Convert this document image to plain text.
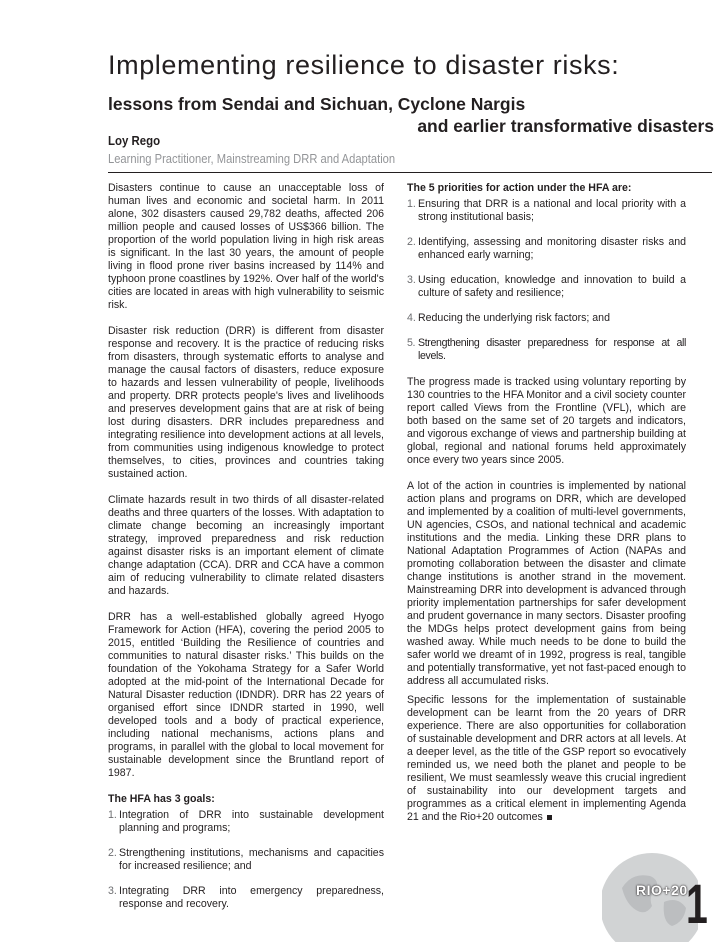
Implementing resilience to disaster risks:
lessons from Sendai and Sichuan, Cyclone Nargis
and earlier transformative disasters
Loy Rego
Learning Practitioner, Mainstreaming DRR and Adaptation

Disasters continue to cause an unacceptable loss of human lives and economic and societal harm. In 2011 alone, 302 disasters caused 29,782 deaths, affected 206 million people and caused losses of US$366 billion. The proportion of the world population living in high risk areas is significant. In the last 30 years, the amount of people living in flood prone river basins increased by 114% and typhoon prone coastlines by 192%. Over half of the world's cities are located in areas with high vulnerability to seismic risk.

Disaster risk reduction (DRR) is different from disaster response and recovery. It is the practice of reducing risks from disasters, through systematic efforts to analyse and manage the causal factors of disasters, reduce exposure to hazards and lessen vulnerability of people, livelihoods and property. DRR protects people's lives and livelihoods and preserves development gains that are at risk of being lost during disasters. DRR includes preparedness and integrating resilience into development actions at all levels, from communities using indigenous knowledge to protect themselves, to cities, provinces and countries taking sustained action.

Climate hazards result in two thirds of all disaster-related deaths and three quarters of the losses. With adaptation to climate change becoming an increasingly important strategy, improved preparedness and risk reduction against disaster risks is an important element of climate change adaptation (CCA). DRR and CCA have a common aim of reducing vulnerability to climate related disasters and hazards.

DRR has a well-established globally agreed Hyogo Framework for Action (HFA), covering the period 2005 to 2015, entitled ‘Building the Resilience of countries and communities to natural disaster risks.’ This builds on the foundation of the Yokohama Strategy for a Safer World adopted at the mid-point of the International Decade for Natural Disaster reduction (IDNDR). DRR has 22 years of organised effort since IDNDR started in 1990, well developed tools and a body of practical experience, including national mechanisms, actions plans and programs, in parallel with the global to local movement for sustainable development since the Bruntland report of 1987.

The HFA has 3 goals:
1. Integration of DRR into sustainable development planning and programs;
2. Strengthening institutions, mechanisms and capacities for increased resilience; and
3. Integrating DRR into emergency preparedness, response and recovery.
The 5 priorities for action under the HFA are:
1. Ensuring that DRR is a national and local priority with a strong institutional basis;
2. Identifying, assessing and monitoring disaster risks and enhanced early warning;
3. Using education, knowledge and innovation to build a culture of safety and resilience;
4. Reducing the underlying risk factors; and
5. Strengthening disaster preparedness for response at all levels.

The progress made is tracked using voluntary reporting by 130 countries to the HFA Monitor and a civil society counter report called Views from the Frontline (VFL), which are both based on the same set of 20 targets and indicators, and vigorous exchange of views and partnership building at global, regional and national forums held approximately once every two years since 2005.

A lot of the action in countries is implemented by national action plans and programs on DRR, which are developed and implemented by a coalition of multi-level governments, UN agencies, CSOs, and national technical and academic institutions and the media. Linking these DRR plans to National Adaptation Programmes of Action (NAPAs and promoting collaboration between the disaster and climate change institutions is another strand in the movement. Mainstreaming DRR into development is advanced through priority implementation partnerships for safer development and prudent governance in many sectors. Disaster proofing the MDGs helps protect development gains from being washed away. While much needs to be done to build the safer world we dreamt of in 1992, progress is real, tangible and potentially transformative, yet not fast-paced enough to address all accumulated risks.

Specific lessons for the implementation of sustainable development can be learnt from the 20 years of DRR experience. There are also opportunities for collaboration of sustainable development and DRR actors at all levels. At a deeper level, as the title of the GSP report so evocatively reminded us, we need both the planet and people to be resilient, We must seamlessly weave this crucial ingredient of sustainability into our development targets and programmes as a critical element in implementing Agenda 21 and the Rio+20 outcomes

RIO+20
1
